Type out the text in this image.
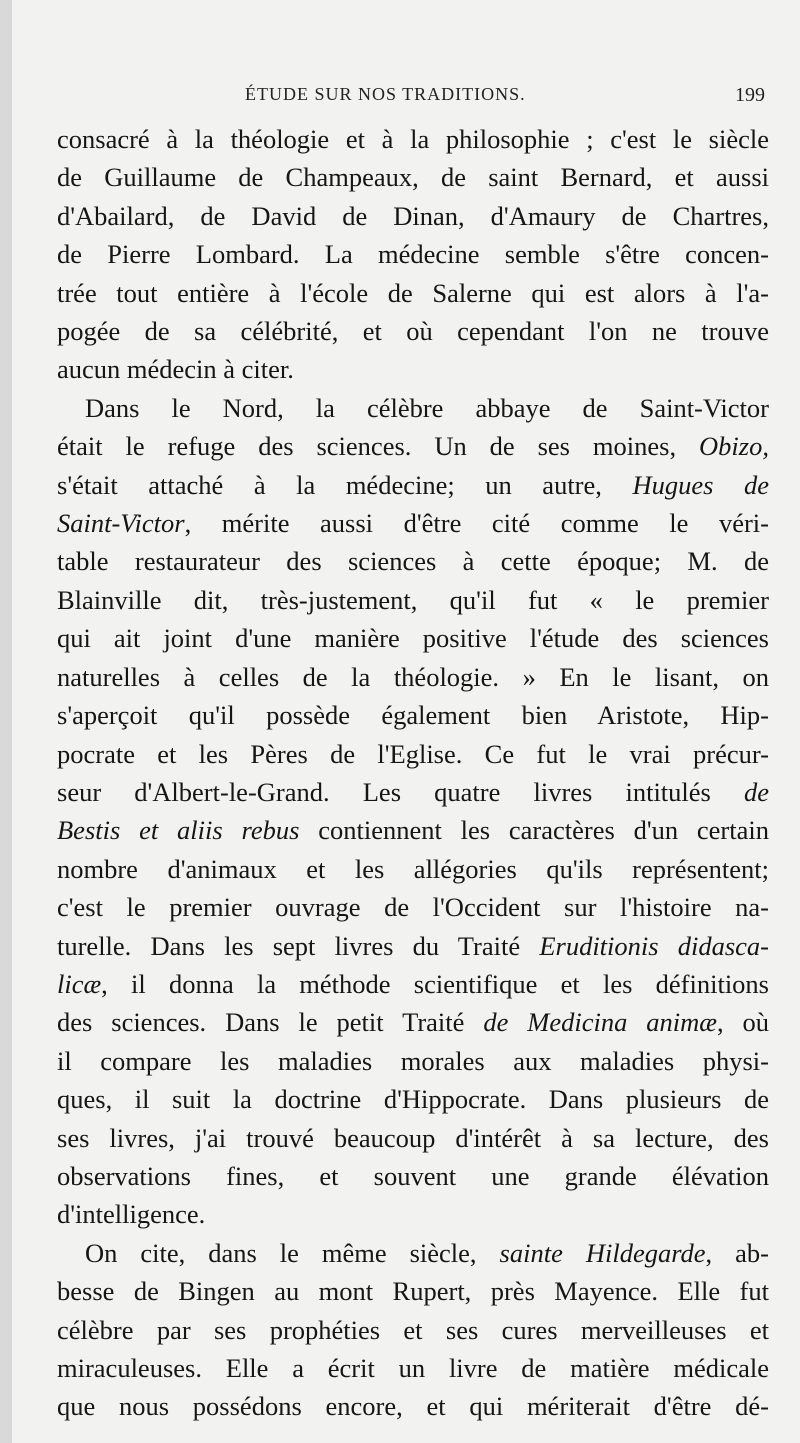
ÉTUDE SUR NOS TRADITIONS.	199

consacré à la théologie et à la philosophie ; c'est le siècle
de Guillaume de Champeaux, de saint Bernard, et aussi
d'Abailard, de David de Dinan, d'Amaury de Chartres,
de Pierre Lombard. La médecine semble s'être concen-
trée tout entière à l'école de Salerne qui est alors à l'a-
pogée de sa célébrité, et où cependant l'on ne trouve
aucun médecin à citer.

Dans le Nord, la célèbre abbaye de Saint-Victor
était le refuge des sciences. Un de ses moines, Obizo,
s'était attaché à la médecine; un autre, Hugues de
Saint-Victor, mérite aussi d'être cité comme le véri-
table restaurateur des sciences à cette époque; M. de
Blainville dit, très-justement, qu'il fut « le premier
qui ait joint d'une manière positive l'étude des sciences
naturelles à celles de la théologie. » En le lisant, on
s'aperçoit qu'il possède également bien Aristote, Hip-
pocrate et les Pères de l'Eglise. Ce fut le vrai précur-
seur d'Albert-le-Grand. Les quatre livres intitulés de
Bestis et aliis rebus contiennent les caractères d'un certain
nombre d'animaux et les allégories qu'ils représentent;
c'est le premier ouvrage de l'Occident sur l'histoire na-
turelle. Dans les sept livres du Traité Eruditionis didasca-
licæ, il donna la méthode scientifique et les définitions
des sciences. Dans le petit Traité de Medicina animæ, où
il compare les maladies morales aux maladies physi-
ques, il suit la doctrine d'Hippocrate. Dans plusieurs de
ses livres, j'ai trouvé beaucoup d'intérêt à sa lecture, des
observations fines, et souvent une grande élévation
d'intelligence.

On cite, dans le même siècle, sainte Hildegarde, ab-
besse de Bingen au mont Rupert, près Mayence. Elle fut
célèbre par ses prophéties et ses cures merveilleuses et
miraculeuses. Elle a écrit un livre de matière médicale
que nous possédons encore, et qui mériterait d'être dé-
